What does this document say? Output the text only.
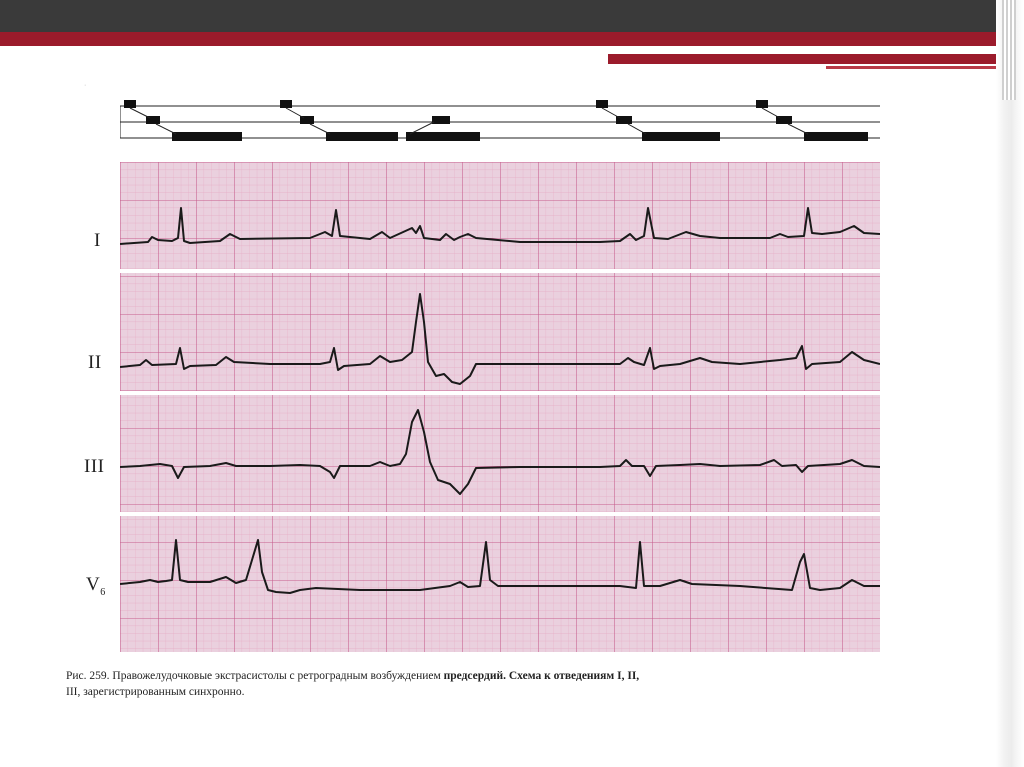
·
I
II
III
$V_6$
Рис. 259. Правожелудочковые экстрасистолы с ретроградным возбуждением предсердий. Схема к отведениям I, II,
III, зарегистрированным синхронно.
